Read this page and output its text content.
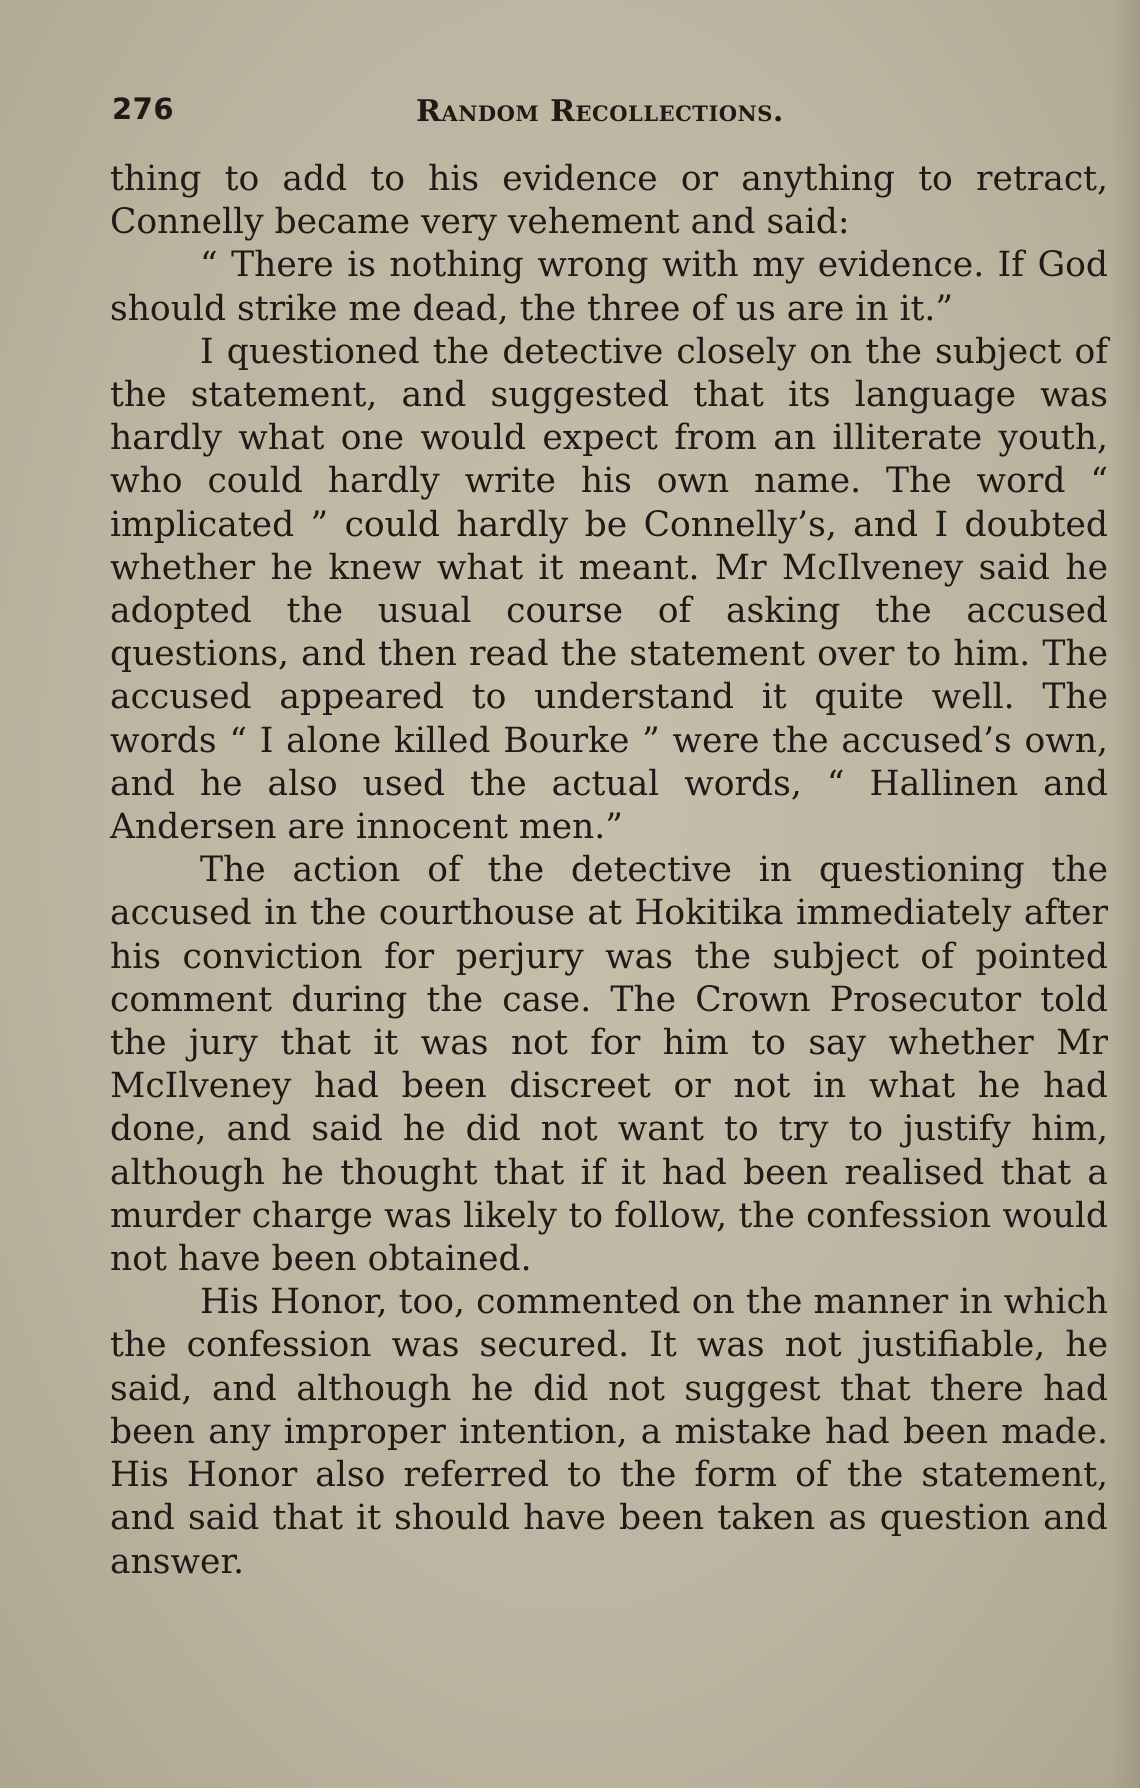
276	Random Recollections.

thing to add to his evidence or anything to retract, Connelly became very vehement and said:

“ There is nothing wrong with my evidence. If God should strike me dead, the three of us are in it.”

I questioned the detective closely on the subject of the statement, and suggested that its language was hardly what one would expect from an illiterate youth, who could hardly write his own name. The word “ implicated ” could hardly be Connelly’s, and I doubted whether he knew what it meant. Mr McIlveney said he adopted the usual course of asking the accused questions, and then read the statement over to him. The accused appeared to understand it quite well. The words “ I alone killed Bourke ” were the accused’s own, and he also used the actual words, “ Hallinen and Andersen are innocent men.”

The action of the detective in questioning the accused in the courthouse at Hokitika immediately after his conviction for perjury was the subject of pointed comment during the case. The Crown Prosecutor told the jury that it was not for him to say whether Mr McIlveney had been discreet or not in what he had done, and said he did not want to try to justify him, although he thought that if it had been realised that a murder charge was likely to follow, the confession would not have been obtained.

His Honor, too, commented on the manner in which the confession was secured. It was not justifiable, he said, and although he did not suggest that there had been any improper intention, a mistake had been made. His Honor also referred to the form of the statement, and said that it should have been taken as question and answer.
